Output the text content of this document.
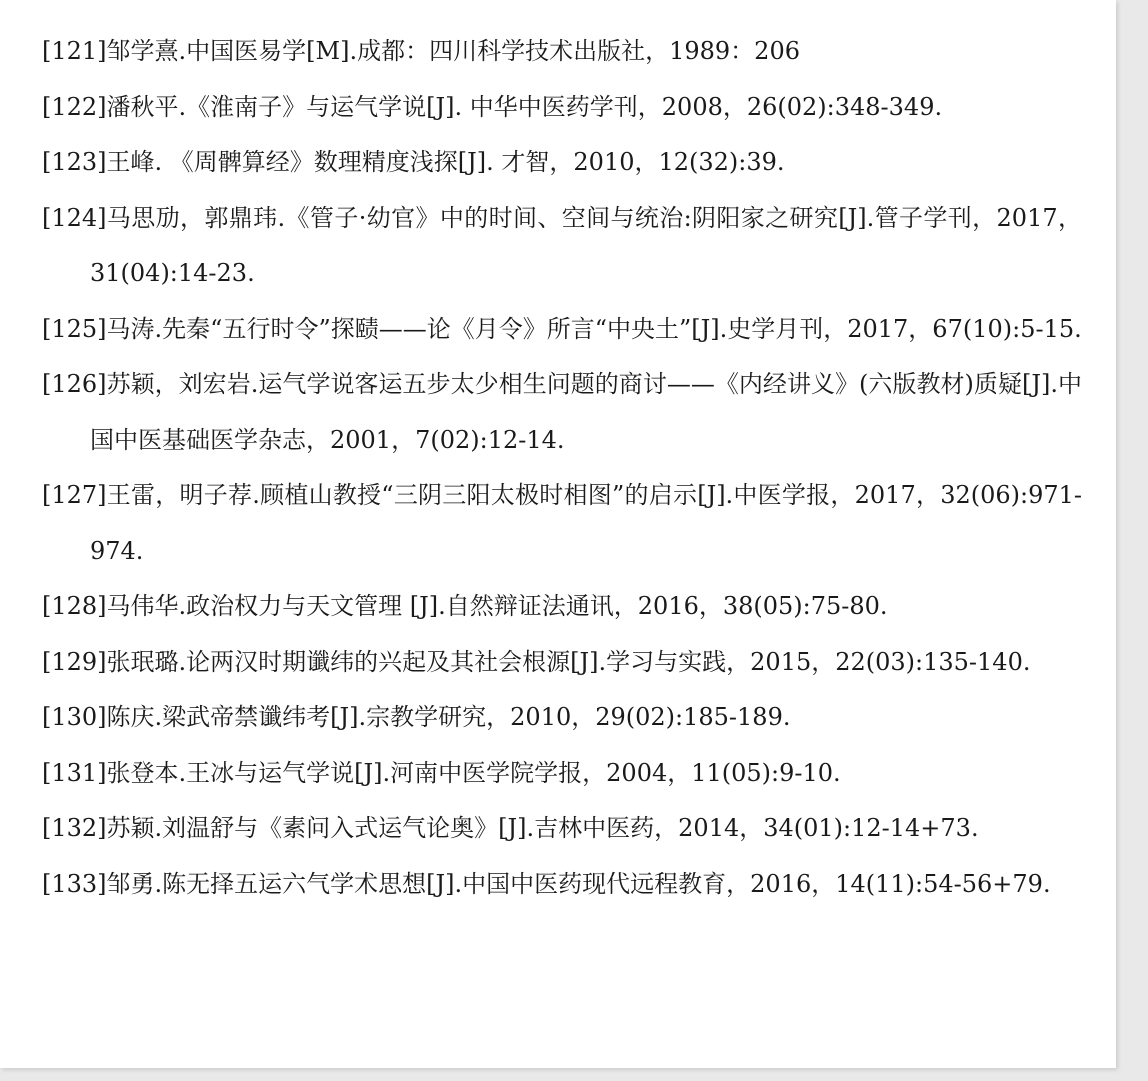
[121]邹学熹.中国医易学[M].成都：四川科学技术出版社，1989：206
[122]潘秋平.《淮南子》与运气学说[J]. 中华中医药学刊，2008，26(02):348-349.
[123]王峰. 《周髀算经》数理精度浅探[J]. 才智，2010，12(32):39.
[124]马思劢，郭鼎玮.《管子·幼官》中的时间、空间与统治:阴阳家之研究[J].管子学刊，2017，31(04):14-23.
[125]马涛.先秦“五行时令”探赜——论《月令》所言“中央土”[J].史学月刊，2017，67(10):5-15.
[126]苏颖，刘宏岩.运气学说客运五步太少相生问题的商讨——《内经讲义》(六版教材)质疑[J].中国中医基础医学杂志，2001，7(02):12-14.
[127]王雷，明子荐.顾植山教授“三阴三阳太极时相图”的启示[J].中医学报，2017，32(06):971-974.
[128]马伟华.政治权力与天文管理 [J].自然辩证法通讯，2016，38(05):75-80.
[129]张珉璐.论两汉时期谶纬的兴起及其社会根源[J].学习与实践，2015，22(03):135-140.
[130]陈庆.梁武帝禁谶纬考[J].宗教学研究，2010，29(02):185-189.
[131]张登本.王冰与运气学说[J].河南中医学院学报，2004，11(05):9-10.
[132]苏颖.刘温舒与《素问入式运气论奥》[J].吉林中医药，2014，34(01):12-14+73.
[133]邹勇.陈无择五运六气学术思想[J].中国中医药现代远程教育，2016，14(11):54-56+79.
